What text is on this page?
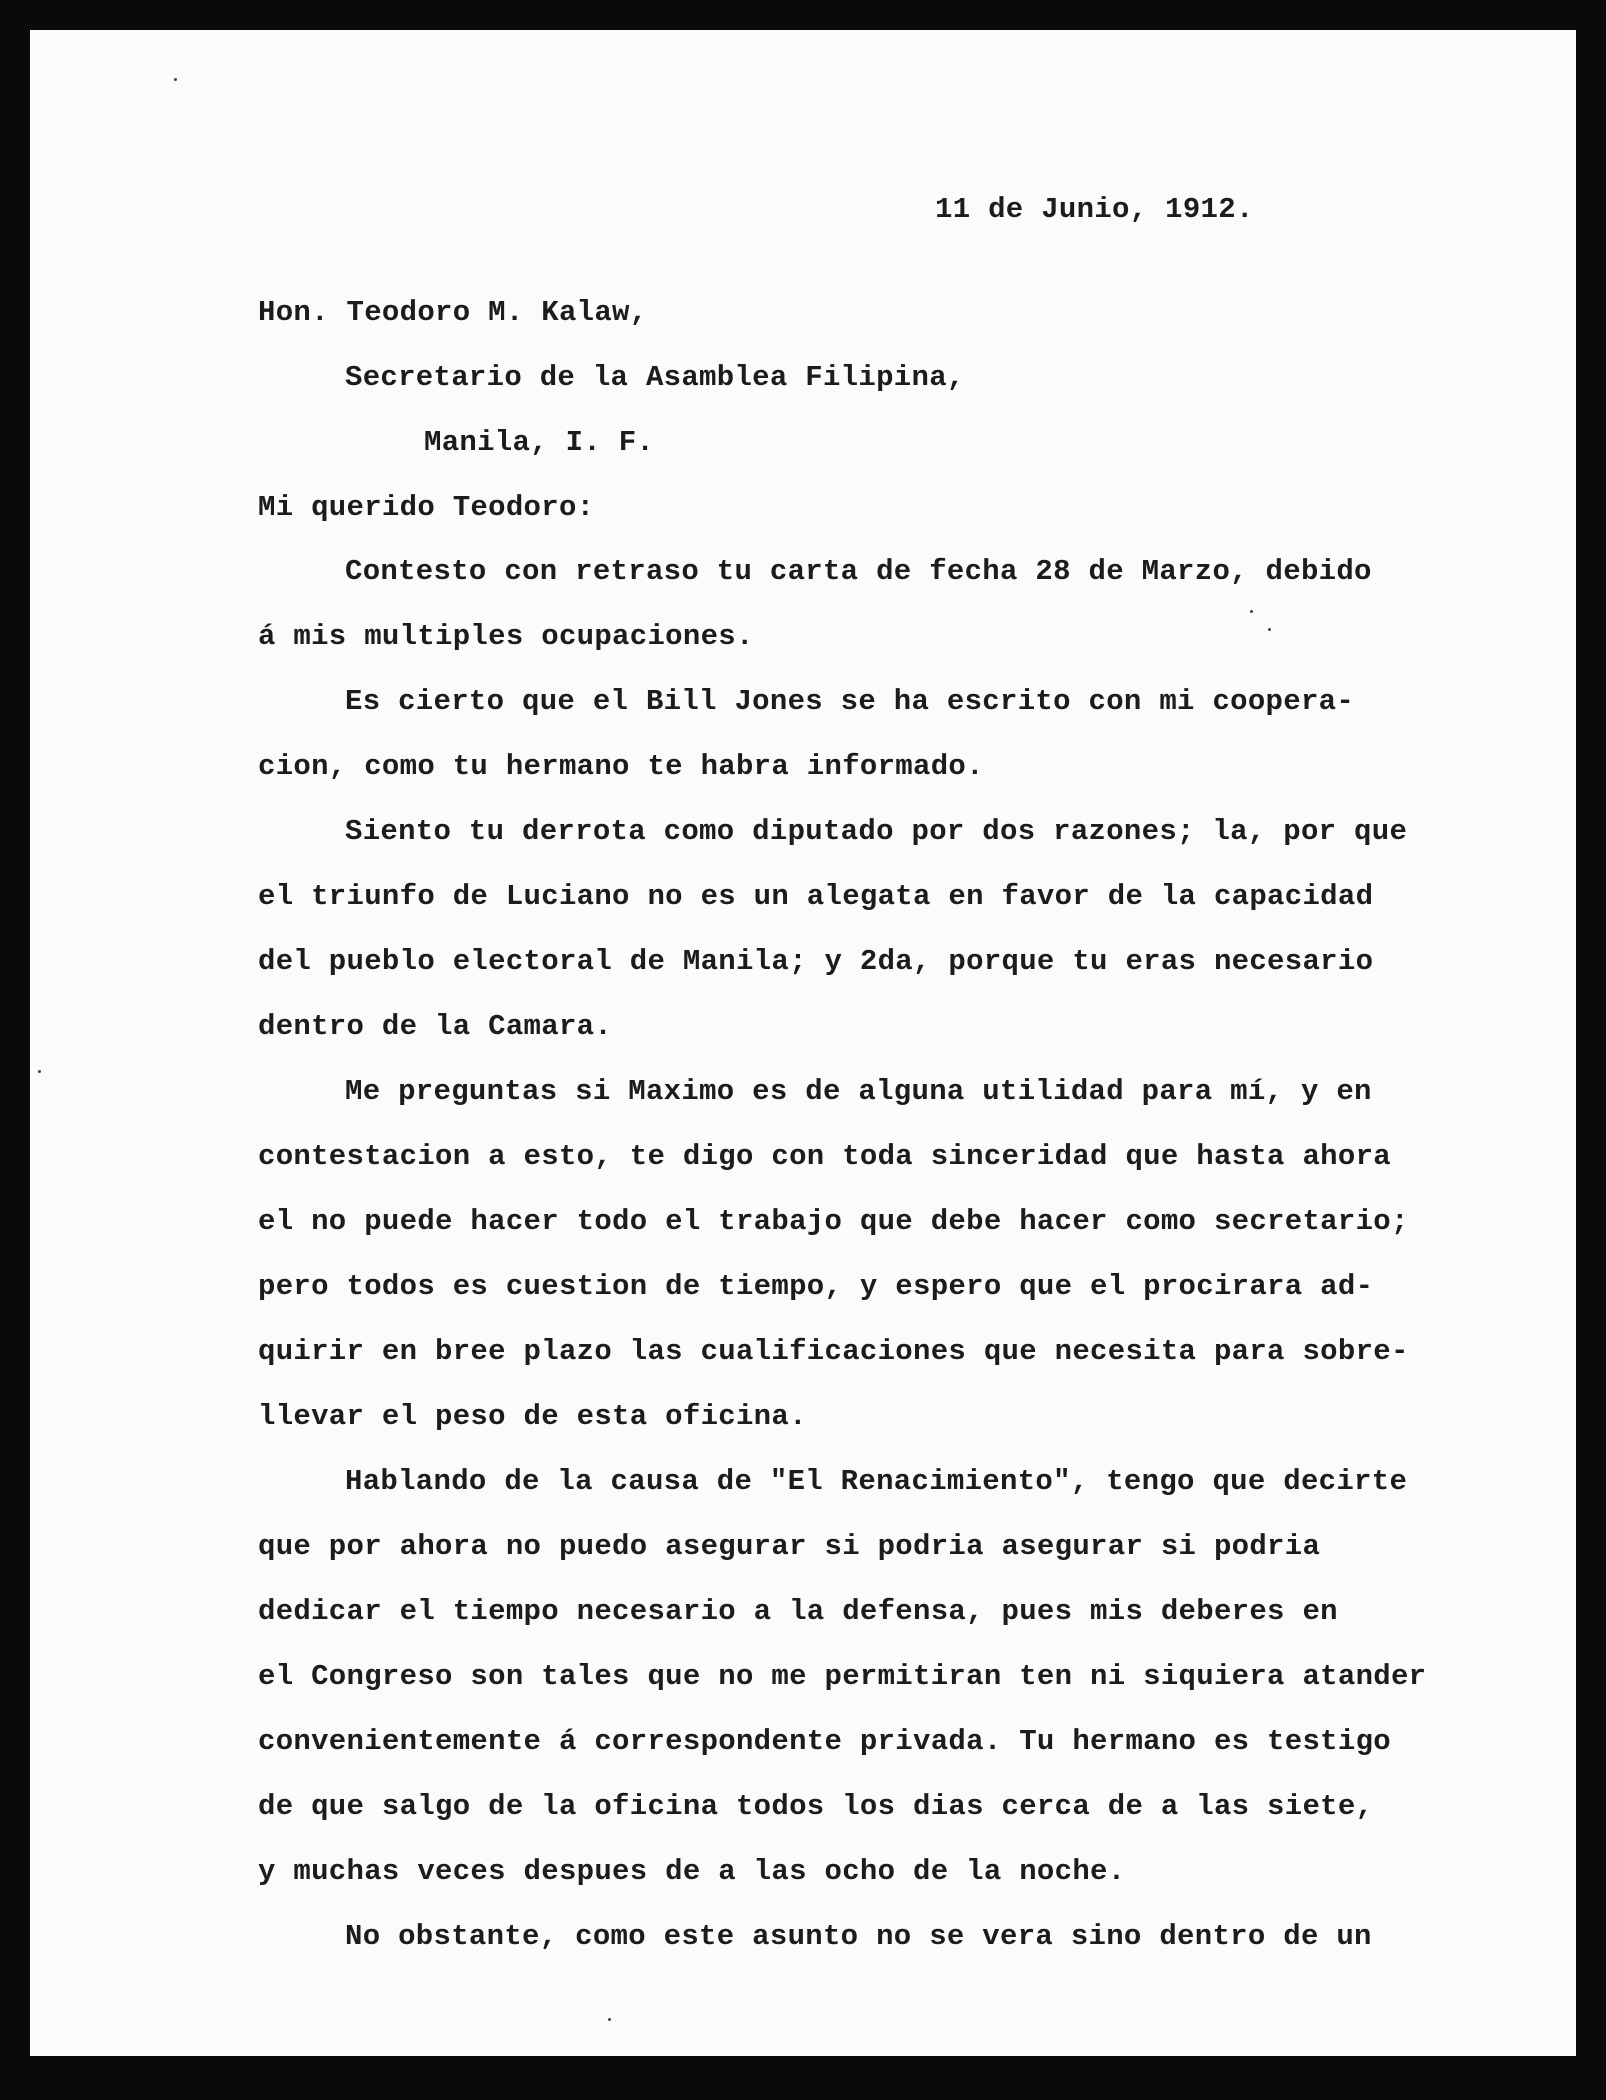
11 de Junio, 1912.
Hon. Teodoro M. Kalaw,
Secretario de la Asamblea Filipina,
Manila, I. F.
Mi querido Teodoro:
Contesto con retraso tu carta de fecha 28 de Marzo, debido
á mis multiples ocupaciones.
Es cierto que el Bill Jones se ha escrito con mi coopera-
cion, como tu hermano te habra informado.
Siento tu derrota como diputado por dos razones; la, por que
el triunfo de Luciano no es un alegata en favor de la capacidad
del pueblo electoral de Manila; y 2da, porque tu eras necesario
dentro de la Camara.
Me preguntas si Maximo es de alguna utilidad para mí, y en
contestacion a esto, te digo con toda sinceridad que hasta ahora
el no puede hacer todo el trabajo que debe hacer como secretario;
pero todos es cuestion de tiempo, y espero que el procirara ad-
quirir en bree plazo las cualificaciones que necesita para sobre-
llevar el peso de esta oficina.
Hablando de la causa de "El Renacimiento", tengo que decirte
que por ahora no puedo asegurar si podria asegurar si podria
dedicar el tiempo necesario a la defensa, pues mis deberes en
el Congreso son tales que no me permitiran ten ni siquiera atander
convenientemente á correspondente privada. Tu hermano es testigo
de que salgo de la oficina todos los dias cerca de a las siete,
y muchas veces despues de a las ocho de la noche.
No obstante, como este asunto no se vera sino dentro de un
